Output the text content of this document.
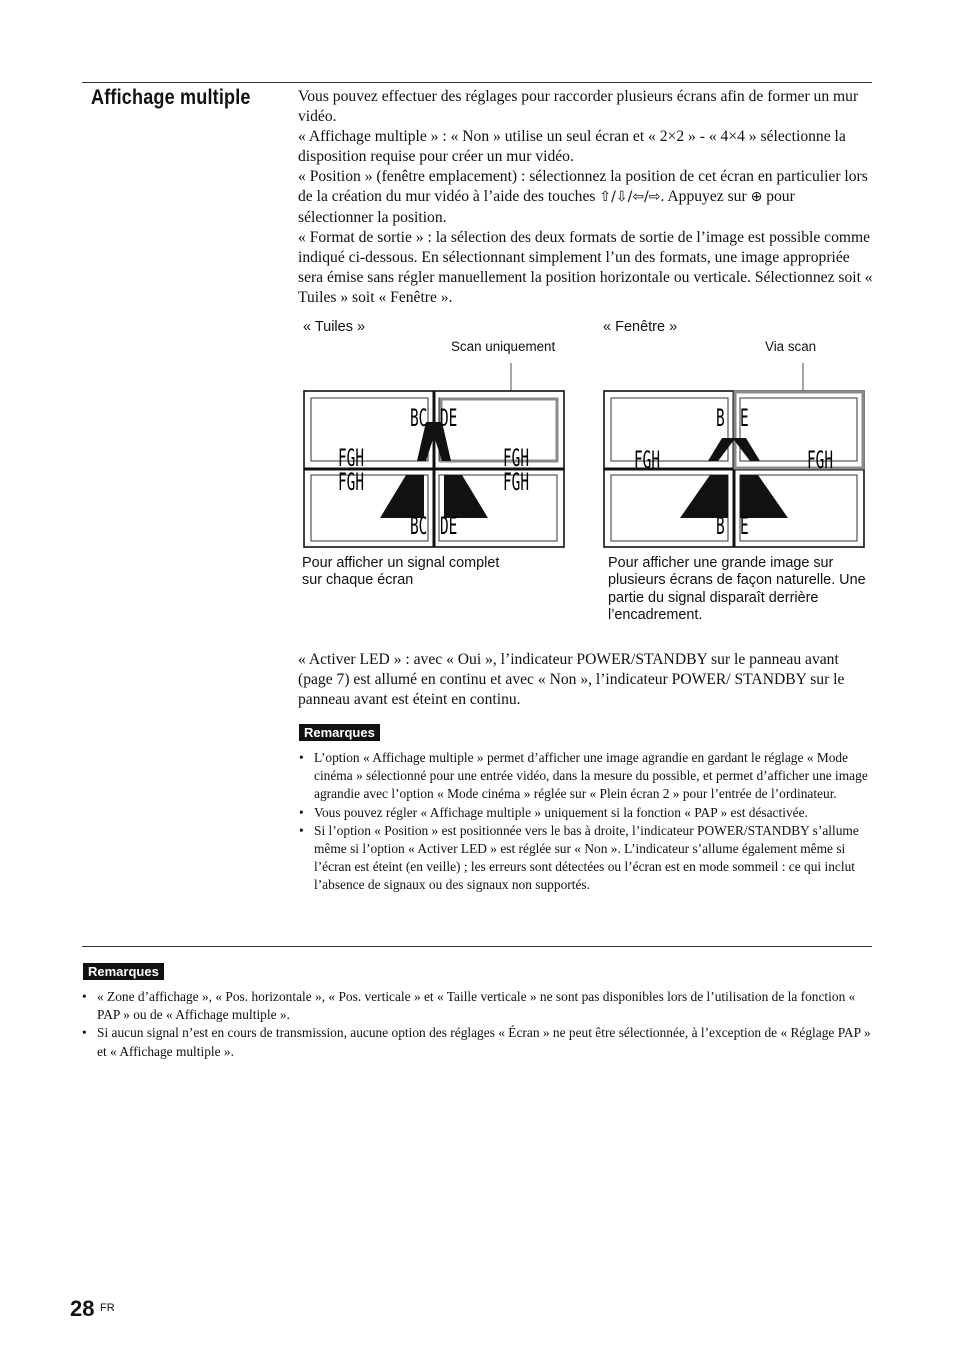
Affichage multiple	Vous pouvez effectuer des réglages pour raccorder plusieurs écrans afin de former un mur vidéo.
« Affichage multiple » : « Non » utilise un seul écran et « 2×2 » - « 4×4 » sélectionne la disposition requise pour créer un mur vidéo.
« Position » (fenêtre emplacement) : sélectionnez la position de cet écran en particulier lors de la création du mur vidéo à l’aide des touches ⇧/⇩/⇦/⇨. Appuyez sur ⊕ pour sélectionner la position.
« Format de sortie » : la sélection des deux formats de sortie de l’image est possible comme indiqué ci-dessous. En sélectionnant simplement l’un des formats, une image appropriée sera émise sans régler manuellement la position horizontale ou verticale. Sélectionnez soit « Tuiles » soit « Fenêtre ».
« Tuiles »	« Fenêtre »
Scan uniquement	Via scan
BC DE
FGH	FGH
FGH	FGH
BC DE
B E
FGH	FGH
B E
Pour afficher un signal complet sur chaque écran
Pour afficher une grande image sur plusieurs écrans de façon naturelle. Une partie du signal disparaît derrière l’encadrement.
« Activer LED » : avec « Oui », l’indicateur POWER/STANDBY sur le panneau avant (page 7) est allumé en continu et avec « Non », l’indicateur POWER/ STANDBY sur le panneau avant est éteint en continu.
Remarques
• L’option « Affichage multiple » permet d’afficher une image agrandie en gardant le réglage « Mode cinéma » sélectionné pour une entrée vidéo, dans la mesure du possible, et permet d’afficher une image agrandie avec l’option « Mode cinéma » réglée sur « Plein écran 2 » pour l’entrée de l’ordinateur.
• Vous pouvez régler « Affichage multiple » uniquement si la fonction « PAP » est désactivée.
• Si l’option « Position » est positionnée vers le bas à droite, l’indicateur POWER/STANDBY s’allume même si l’option « Activer LED » est réglée sur « Non ». L’indicateur s’allume également même si l’écran est éteint (en veille) ; les erreurs sont détectées ou l’écran est en mode sommeil : ce qui inclut l’absence de signaux ou des signaux non supportés.
Remarques
• « Zone d’affichage », « Pos. horizontale », « Pos. verticale » et « Taille verticale » ne sont pas disponibles lors de l’utilisation de la fonction « PAP » ou de « Affichage multiple ».
• Si aucun signal n’est en cours de transmission, aucune option des réglages « Écran » ne peut être sélectionnée, à l’exception de « Réglage PAP » et « Affichage multiple ».
28 FR
